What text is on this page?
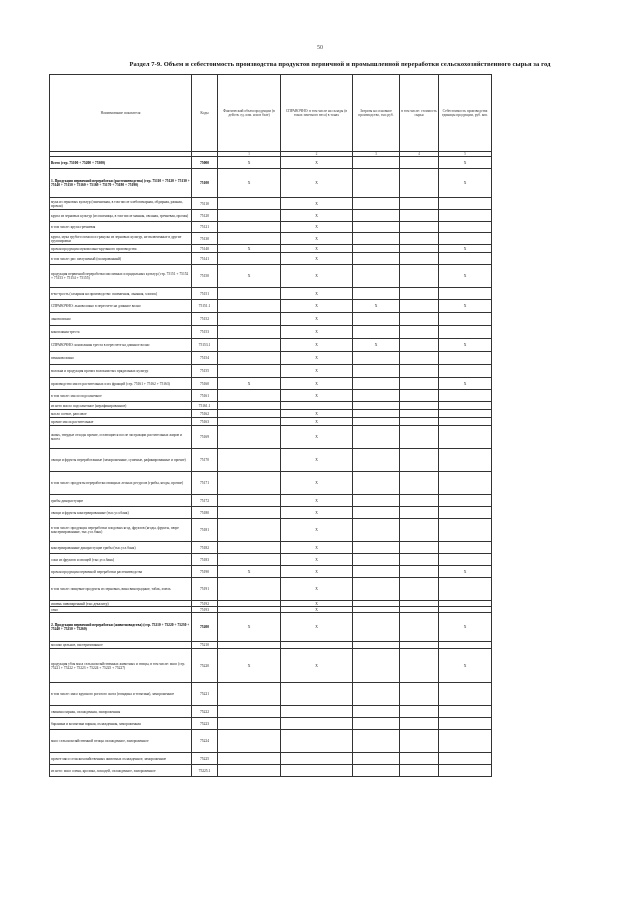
50
Раздел 7-9. Объем и себестоимость производства продуктов первичной и промышленной переработки сельскохозяйственного сырья за год
Наименование показателя	Коды	Фактический объем продукции (в действ. ед. изм. или в базе)	СПРАВОЧНО: в том числе на склады (в тонах зачетного веса) в тонах	Затраты на основное производство, тыс.руб.	в том числе: стоимость сырья	Себестоимость производства единицы продукции, руб. коп.
		1	2	3	4	5
Всего (стр. 75100 + 75200 + 75300)	75000	X	X			X
1. Продукция первичной переработки (растениеводства) (стр. 75110 + 75120 + 75130 + 75140 + 75150 + 75160 + 75169 + 75170 + 75180 + 75190)	75100	X	X			X
мука из зерновых культур (пшеничная, в том числе хлебопекарная, обдирная, ржаная, прочая)	75110		X			
крупа из зерновых культур (из пшеницы, в том числе манная, овсяная, гречневая, прочая)	75120		X			
в том числе: крупа гречневая	75121		X			
крупа, мука грубого помола и гранулы из зерновых культур, не включенные в другие группировки	75130		X			
прочая продукция мукомольно-крупяного производства	75140	X	X			X
в том числе: рис шелушеный (полированный)	75141		X			
продукция первичной переработки масличных и прядильных культур (стр. 75151 + 75152 + 75153 + 75154 + 75155)	75150	X	X			X
в-во-трость (сахарная на производство: пшеничная, льняная, хлопок)	75151		X			
СПРАВОЧНО: льноволокно в пересчете на длинное волно	75151.1		X	X		X
льноволокно	75152		X			
конопляная треста	75153		X			
СПРАВОЧНО: конопляная треста в пересчете на длинное волно	75153.1		X	X		X
пеньковолокно	75154		X			
волокна и продукция прочих волокнистых прядильных культур	75155		X			
производство масел растительных и их фракций (стр. 75161 + 75162 + 75163)	75160	X	X			X
в том числе: масло подсолнечное	75161		X			
из него масло подсолнечное (нерафинированное)	75161.1					
масло соевое, рапсовое	75162		X			
прочие масла растительные	75163		X			
жмых, твердые отходы прочие, остающиеся после экстракции растительных жиров и масел	75169		X			
овощи и фрукты переработанные (замороженные, сушеные, рафинированные и прочие)	75170		X			
в том числе: продукты переработки овощных лесных ресурсов (грибы, ягоды, прочие)	75171		X			
грибы дикорастущие	75172		X			
овощи и фрукты консервированные (тыс.усл.банк)	75180		X			
в том числе: продукция переработки плодовых ягод, фруктов (ягоды, фрукты, пюре консервированные, тыс.усл.банк)	75181		X			
консервированные дикорастущие грибы (тыс.усл.банк)	75182		X			
соки из фруктов и овощей (тыс.усл.банк)	75183		X			
прочая продукция первичной переработки растениеводства	75190	X	X			X
в том числе: пищевые продукты из зерновых, вина виноградные, табак, хмель	75191		X			
ячмень пивоваренный (тыс.декалитр)	75192		X			
сено	75193		X			
2. Продукция первичной переработки (животноводства) (стр. 75210 + 75220 + 75230 + 75240 + 75250 + 75260)	75200	X	X			X
молоко цельное, пастеризованное	75210					
продукция убоя мяса сельскохозяйственных животных и птицы, в том числе: мясо (стр. 75221 + 75222 + 75223 + 75224 + 75225 + 75227)	75220	X	X			X
в том числе: мясо крупного рогатого скота (говядина и телятина), замороженное	75221					
свинина парная, охлажденная, замороженная	75222					
баранина и козлятина парная, охлажденная, замороженная	75223					
мясо сельскохозяйственной птицы охлажденное, замороженное	75224					
прочее мясо сельскохозяйственных животных охлажденное, замороженное	75225					
из него: мясо оленя, кролика, лошадей, охлажденное, замороженное	75225.1					
